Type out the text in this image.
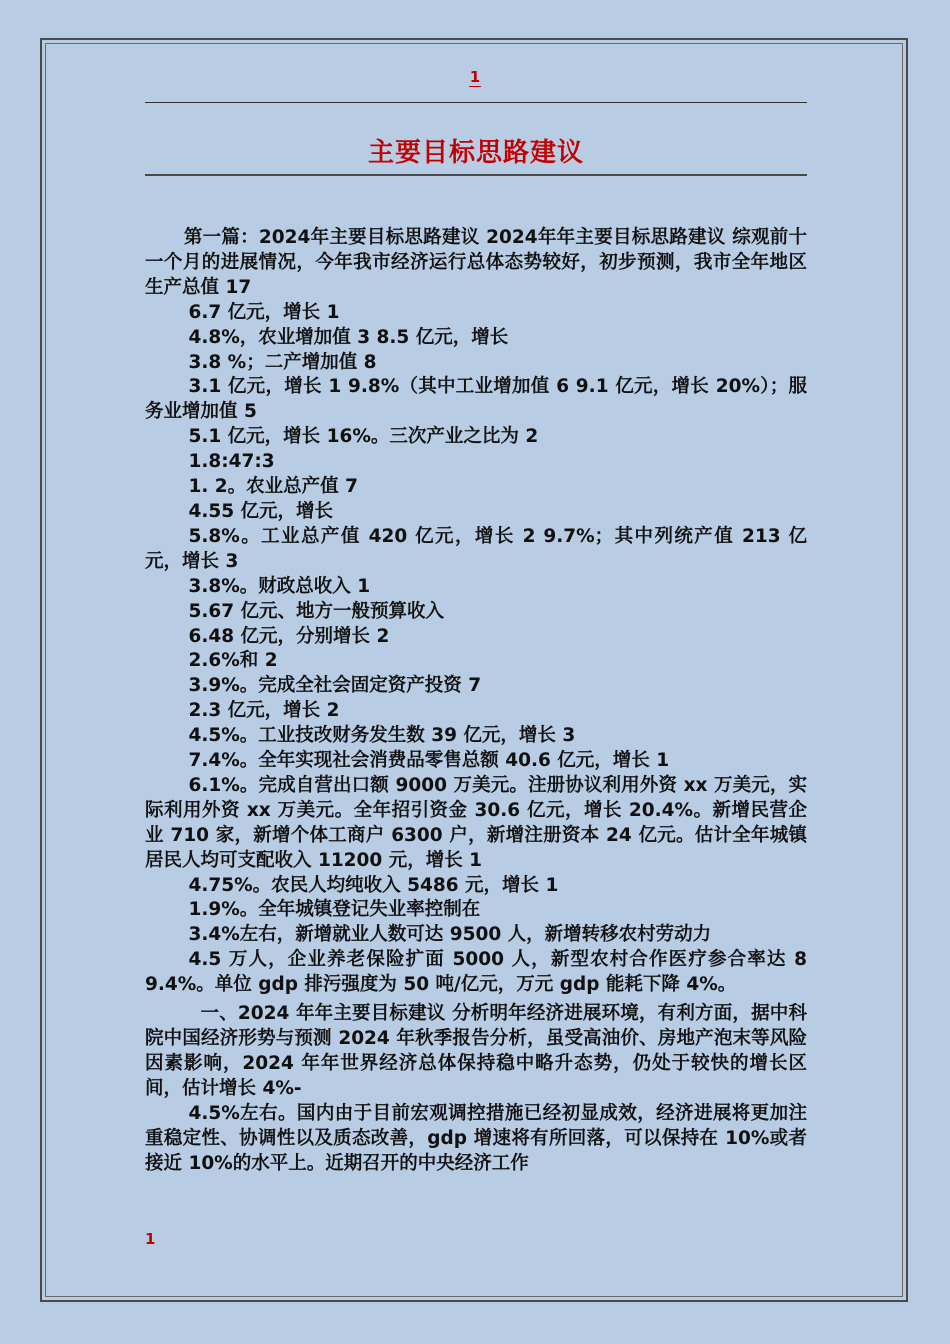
1
主要目标思路建议

第一篇：2024年主要目标思路建议 2024年年主要目标思路建议 综观前十一个月的进展情况，今年我市经济运行总体态势较好，初步预测，我市全年地区生产总值 17

6.7 亿元，增长 1

4.8%，农业增加值 3 8.5 亿元，增长

3.8 %；二产增加值 8

3.1 亿元，增长 1 9.8%（其中工业增加值 6 9.1 亿元，增长 20%）；服务业增加值 5

5.1 亿元，增长 16%。三次产业之比为 2

1.8:47:3

1. 2。农业总产值 7

4.55 亿元，增长

5.8%。工业总产值 420 亿元，增长 2 9.7%；其中列统产值 213 亿元，增长 3

3.8%。财政总收入 1

5.67 亿元、地方一般预算收入

6.48 亿元，分别增长 2

2.6%和 2

3.9%。完成全社会固定资产投资 7

2.3 亿元，增长 2

4.5%。工业技改财务发生数 39 亿元，增长 3

7.4%。全年实现社会消费品零售总额 40.6 亿元，增长 1

6.1%。完成自营出口额 9000 万美元。注册协议利用外资 xx 万美元，实际利用外资 xx 万美元。全年招引资金 30.6 亿元，增长 20.4%。新增民营企业 710 家，新增个体工商户 6300 户，新增注册资本 24 亿元。估计全年城镇居民人均可支配收入 11200 元，增长 1

4.75%。农民人均纯收入 5486 元，增长 1

1.9%。全年城镇登记失业率控制在

3.4%左右，新增就业人数可达 9500 人，新增转移农村劳动力

4.5 万人，企业养老保险扩面 5000 人，新型农村合作医疗参合率达 8 9.4%。单位 gdp 排污强度为 50 吨/亿元，万元 gdp 能耗下降 4%。

一、2024 年年主要目标建议 分析明年经济进展环境，有利方面，据中科院中国经济形势与预测 2024 年秋季报告分析，虽受高油价、房地产泡末等风险因素影响，2024 年年世界经济总体保持稳中略升态势，仍处于较快的增长区间，估计增长 4%-

4.5%左右。国内由于目前宏观调控措施已经初显成效，经济进展将更加注重稳定性、协调性以及质态改善，gdp 增速将有所回落，可以保持在 10%或者接近 10%的水平上。近期召开的中央经济工作

1
